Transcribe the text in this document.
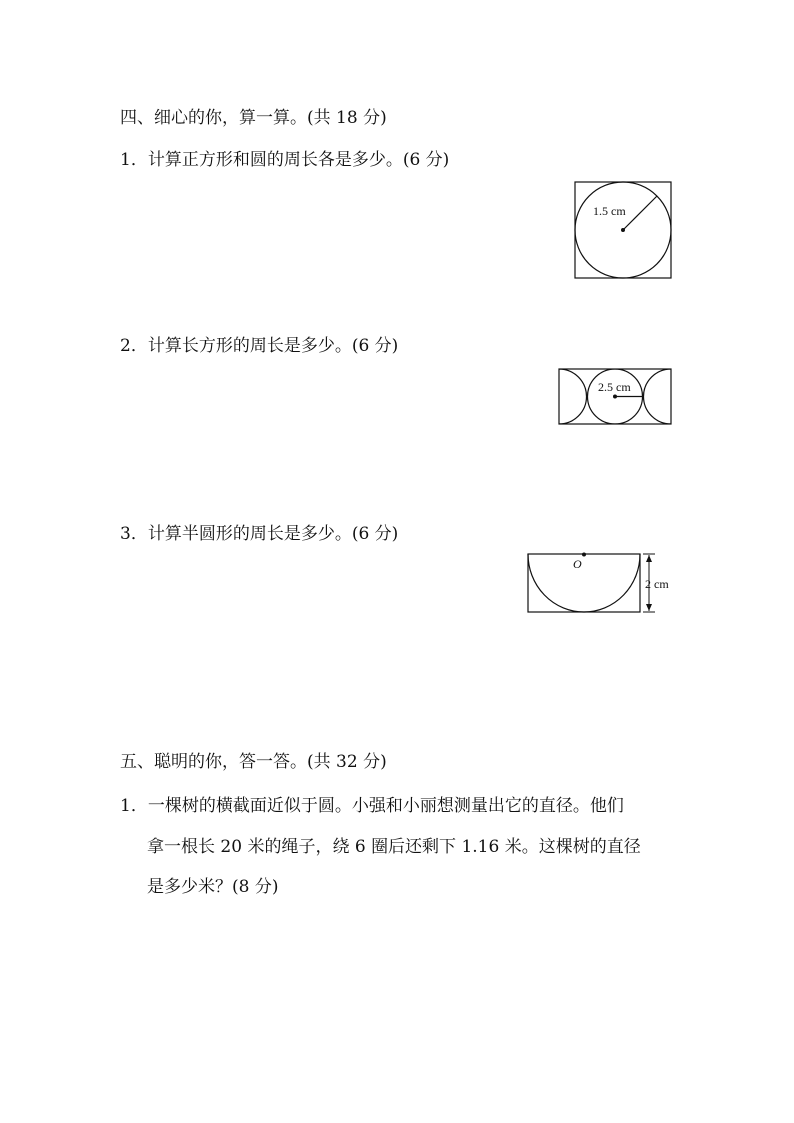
四、细心的你，算一算。(共 18 分)

1．计算正方形和圆的周长各是多少。(6 分)

1.5 cm

2．计算长方形的周长是多少。(6 分)

2.5 cm

3．计算半圆形的周长是多少。(6 分)

O
2 cm

五、聪明的你，答一答。(共 32 分)

1．一棵树的横截面近似于圆。小强和小丽想测量出它的直径。他们

拿一根长 20 米的绳子，绕 6 圈后还剩下 1.16 米。这棵树的直径

是多少米？(8 分)
